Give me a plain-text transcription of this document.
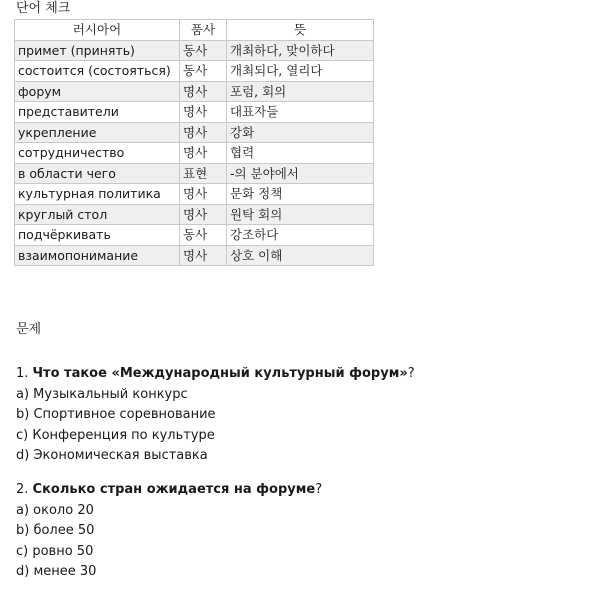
단어 체크
러시아어	품사	뜻
примет (принять)	동사	개최하다, 맞이하다
состоится (состояться)	동사	개최되다, 열리다
форум	명사	포럼, 회의
представители	명사	대표자들
укрепление	명사	강화
сотрудничество	명사	협력
в области чего	표현	-의 분야에서
культурная политика	명사	문화 정책
круглый стол	명사	원탁 회의
подчёркивать	동사	강조하다
взаимопонимание	명사	상호 이해
문제
1. Что такое «Международный культурный форум»?
a) Музыкальный конкурс
b) Спортивное соревнование
c) Конференция по культуре
d) Экономическая выставка
2. Сколько стран ожидается на форуме?
a) около 20
b) более 50
c) ровно 50
d) менее 30
